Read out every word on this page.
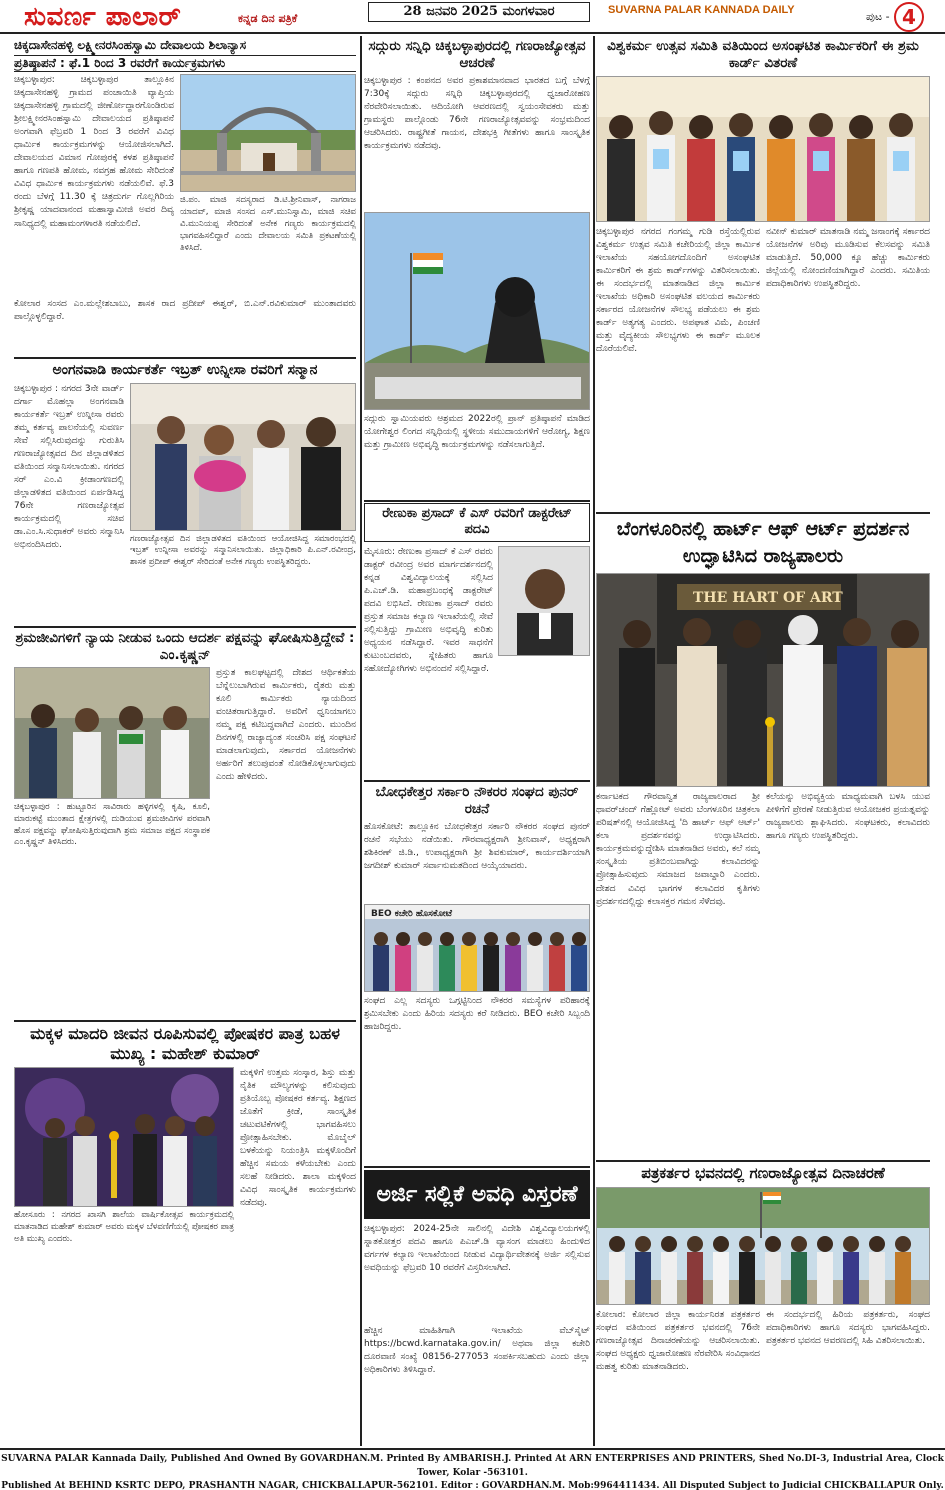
ಸುವರ್ಣ ಪಾಲಾರ್	ಕನ್ನಡ ದಿನ ಪತ್ರಿಕೆ	28 ಜನವರಿ 2025 ಮಂಗಳವಾರ	SUVARNA PALAR KANNADA DAILY	ಪುಟ - 4
ಚಿಕ್ಕದಾಸೇನಹಳ್ಳಿ ಲಕ್ಷ್ಮೀನರಸಿಂಹಸ್ವಾಮಿ ದೇವಾಲಯ ಶಿಲಾನ್ಯಾಸ
ಪ್ರತಿಷ್ಠಾಪನೆ : ಫೆ.1 ರಿಂದ 3 ರವರೆಗೆ ಕಾರ್ಯಕ್ರಮಗಳು
ಚಿಕ್ಕಬಳ್ಳಾಪುರ: ಚಿಕ್ಕಬಳ್ಳಾಪುರ ತಾಲ್ಲೂಕಿನ ಚಿಕ್ಕದಾಸೇನಹಳ್ಳಿ ಗ್ರಾಮದ ಪಂಚಾಯಿತಿ ವ್ಯಾಪ್ತಿಯ ಚಿಕ್ಕದಾಸೇನಹಳ್ಳಿ ಗ್ರಾಮದಲ್ಲಿ ಜೀರ್ಣೋದ್ಧಾರಗೊಂಡಿರುವ ಶ್ರೀಲಕ್ಷ್ಮೀನರಸಿಂಹಸ್ವಾಮಿ ದೇವಾಲಯದ ಪ್ರತಿಷ್ಠಾಪನೆ ಅಂಗವಾಗಿ ಫೆಬ್ರವರಿ 1 ರಿಂದ 3 ರವರೆಗೆ ವಿವಿಧ ಧಾರ್ಮಿಕ ಕಾರ್ಯಕ್ರಮಗಳನ್ನು ಆಯೋಜಿಸಲಾಗಿದೆ. ದೇವಾಲಯದ ವಿಮಾನ ಗೋಪುರಕ್ಕೆ ಕಳಶ ಪ್ರತಿಷ್ಠಾಪನೆ ಹಾಗೂ ಗಣಪತಿ ಹೋಮ, ನವಗ್ರಹ ಹೋಮ ಸೇರಿದಂತೆ ವಿವಿಧ ಧಾರ್ಮಿಕ ಕಾರ್ಯಕ್ರಮಗಳು ನಡೆಯಲಿವೆ. ಫೆ.3 ರಂದು ಬೆಳಗ್ಗೆ 11.30 ಕ್ಕೆ ಚಿತ್ರದುರ್ಗ ಗೊಲ್ಲಗಿರಿಯ ಶ್ರೀಕೃಷ್ಣ ಯಾದವಾನಂದ ಮಹಾಸ್ವಾಮೀಜಿ ಅವರ ದಿವ್ಯ ಸಾನಿಧ್ಯದಲ್ಲಿ ಮಹಾಮಂಗಳಾರತಿ ನಡೆಯಲಿದೆ.
ಜಿ.ಪಂ. ಮಾಜಿ ಸದಸ್ಯರಾದ ಡಿ.ಟಿ.ಶ್ರೀನಿವಾಸ್, ನಾಗರಾಜ ಯಾದವ್, ಮಾಜಿ ಸಂಸದ ಎಸ್.ಮುನಿಸ್ವಾಮಿ, ಮಾಜಿ ಸಚಿವ ವಿ.ಮುನಿಯಪ್ಪ ಸೇರಿದಂತೆ ಅನೇಕ ಗಣ್ಯರು ಕಾರ್ಯಕ್ರಮದಲ್ಲಿ ಭಾಗವಹಿಸಲಿದ್ದಾರೆ ಎಂದು ದೇವಾಲಯ ಸಮಿತಿ ಪ್ರಕಟಣೆಯಲ್ಲಿ ತಿಳಿಸಿದೆ.
ಕೋಲಾರ ಸಂಸದ ಎಂ.ಮಲ್ಲೇಶಬಾಬು, ಶಾಸಕ ರಾದ ಪ್ರದೀಪ್ ಈಶ್ವರ್, ಬಿ.ಎನ್.ರವಿಕುಮಾರ್ ಮುಂತಾದವರು ಪಾಲ್ಗೊಳ್ಳಲಿದ್ದಾರೆ.
ಅಂಗನವಾಡಿ ಕಾರ್ಯಕರ್ತೆ ಇಬ್ರತ್ ಉನ್ನೀಸಾ ರವರಿಗೆ ಸನ್ಮಾನ
ಚಿಕ್ಕಬಳ್ಳಾಪುರ : ನಗರದ 3ನೇ ವಾರ್ಡ್ ದರ್ಗಾ ಮೊಹಲ್ಲಾ ಅಂಗನವಾಡಿ ಕಾರ್ಯಕರ್ತೆ ಇಬ್ರತ್ ಉನ್ನೀಸಾ ರವರು ತಮ್ಮ ಕರ್ತವ್ಯ ಪಾಲನೆಯಲ್ಲಿ ಸುವರ್ಣ ಸೇವೆ ಸಲ್ಲಿಸಿರುವುದನ್ನು ಗುರುತಿಸಿ ಗಣರಾಜ್ಯೋತ್ಸವದ ದಿನ ಜಿಲ್ಲಾಡಳಿತದ ವತಿಯಿಂದ ಸನ್ಮಾನಿಸಲಾಯಿತು. ನಗರದ ಸರ್ ಎಂ.ವಿ ಕ್ರೀಡಾಂಗಣದಲ್ಲಿ ಜಿಲ್ಲಾಡಳಿತದ ವತಿಯಿಂದ ಏರ್ಪಡಿಸಿದ್ದ 76ನೇ ಗಣರಾಜ್ಯೋತ್ಸವ ಕಾರ್ಯಕ್ರಮದಲ್ಲಿ ಸಚಿವ ಡಾ.ಎಂ.ಸಿ.ಸುಧಾಕರ್ ಅವರು ಸನ್ಮಾನಿಸಿ ಅಭಿನಂದಿಸಿದರು.
ಗಣರಾಜ್ಯೋತ್ಸವ ದಿನ ಜಿಲ್ಲಾಡಳಿತದ ವತಿಯಿಂದ ಆಯೋಜಿಸಿದ್ದ ಸಮಾರಂಭದಲ್ಲಿ ಇಬ್ರತ್ ಉನ್ನೀಸಾ ಅವರನ್ನು ಸನ್ಮಾನಿಸಲಾಯಿತು. ಜಿಲ್ಲಾಧಿಕಾರಿ ಪಿ.ಎನ್.ರವೀಂದ್ರ, ಶಾಸಕ ಪ್ರದೀಪ್ ಈಶ್ವರ್ ಸೇರಿದಂತೆ ಅನೇಕ ಗಣ್ಯರು ಉಪಸ್ಥಿತರಿದ್ದರು.
ಶ್ರಮಜೀವಿಗಳಿಗೆ ನ್ಯಾಯ ನೀಡುವ ಒಂದು ಆದರ್ಶ ಪಕ್ಷವನ್ನು ಘೋಷಿಸುತ್ತಿದ್ದೇವೆ : ಎಂ.ಕೃಷ್ಣನ್
ಚಿಕ್ಕಬಳ್ಳಾಪುರ : ಹುಟ್ಟೂರಿನ ಸಾವಿರಾರು ಹಳ್ಳಿಗಳಲ್ಲಿ ಕೃಷಿ, ಕೂಲಿ, ಮಾರುಕಟ್ಟೆ ಮುಂತಾದ ಕ್ಷೇತ್ರಗಳಲ್ಲಿ ದುಡಿಯುವ ಶ್ರಮಜೀವಿಗಳ ಪರವಾಗಿ ಹೊಸ ಪಕ್ಷವನ್ನು ಘೋಷಿಸುತ್ತಿರುವುದಾಗಿ ಶ್ರಮ ಸಮಾಜ ಪಕ್ಷದ ಸಂಸ್ಥಾಪಕ ಎಂ.ಕೃಷ್ಣನ್ ತಿಳಿಸಿದರು.
ಪ್ರಸ್ತುತ ಕಾಲಘಟ್ಟದಲ್ಲಿ ದೇಶದ ಆರ್ಥಿಕತೆಯ ಬೆನ್ನೆಲುಬಾಗಿರುವ ಕಾರ್ಮಿಕರು, ರೈತರು ಮತ್ತು ಕೂಲಿ ಕಾರ್ಮಿಕರು ನ್ಯಾಯದಿಂದ ವಂಚಿತರಾಗುತ್ತಿದ್ದಾರೆ. ಅವರಿಗೆ ಧ್ವನಿಯಾಗಲು ನಮ್ಮ ಪಕ್ಷ ಕಟಿಬದ್ಧವಾಗಿದೆ ಎಂದರು. ಮುಂದಿನ ದಿನಗಳಲ್ಲಿ ರಾಜ್ಯಾದ್ಯಂತ ಸಂಚರಿಸಿ ಪಕ್ಷ ಸಂಘಟನೆ ಮಾಡಲಾಗುವುದು, ಸರ್ಕಾರದ ಯೋಜನೆಗಳು ಅರ್ಹರಿಗೆ ತಲುಪುವಂತೆ ನೋಡಿಕೊಳ್ಳಲಾಗುವುದು ಎಂದು ಹೇಳಿದರು.
ಮಕ್ಕಳ ಮಾದರಿ ಜೀವನ ರೂಪಿಸುವಲ್ಲಿ ಪೋಷಕರ ಪಾತ್ರ ಬಹಳ ಮುಖ್ಯ : ಮಹೇಶ್ ಕುಮಾರ್
ಹೋಸೂರು : ನಗರದ ಖಾಸಗಿ ಶಾಲೆಯ ವಾರ್ಷಿಕೋತ್ಸವ ಕಾರ್ಯಕ್ರಮದಲ್ಲಿ ಮಾತನಾಡಿದ ಮಹೇಶ್ ಕುಮಾರ್ ಅವರು ಮಕ್ಕಳ ಬೆಳವಣಿಗೆಯಲ್ಲಿ ಪೋಷಕರ ಪಾತ್ರ ಅತಿ ಮುಖ್ಯ ಎಂದರು.
ಮಕ್ಕಳಿಗೆ ಉತ್ತಮ ಸಂಸ್ಕಾರ, ಶಿಸ್ತು ಮತ್ತು ನೈತಿಕ ಮೌಲ್ಯಗಳನ್ನು ಕಲಿಸುವುದು ಪ್ರತಿಯೊಬ್ಬ ಪೋಷಕರ ಕರ್ತವ್ಯ. ಶಿಕ್ಷಣದ ಜೊತೆಗೆ ಕ್ರೀಡೆ, ಸಾಂಸ್ಕೃತಿಕ ಚಟುವಟಿಕೆಗಳಲ್ಲಿ ಭಾಗವಹಿಸಲು ಪ್ರೋತ್ಸಾಹಿಸಬೇಕು. ಮೊಬೈಲ್ ಬಳಕೆಯನ್ನು ನಿಯಂತ್ರಿಸಿ ಮಕ್ಕಳೊಂದಿಗೆ ಹೆಚ್ಚಿನ ಸಮಯ ಕಳೆಯಬೇಕು ಎಂದು ಸಲಹೆ ನೀಡಿದರು. ಶಾಲಾ ಮಕ್ಕಳಿಂದ ವಿವಿಧ ಸಾಂಸ್ಕೃತಿಕ ಕಾರ್ಯಕ್ರಮಗಳು ನಡೆದವು.
ಸದ್ಗುರು ಸನ್ನಿಧಿ ಚಿಕ್ಕಬಳ್ಳಾಪುರದಲ್ಲಿ ಗಣರಾಜ್ಯೋತ್ಸವ ಆಚರಣೆ
ಚಿಕ್ಕಬಳ್ಳಾಪುರ : ಕಂಪನದ ಅವರ ಪ್ರಕಾಶಮಾನವಾದ ಭಾರತದ ಬಗ್ಗೆ ಬೆಳಗ್ಗೆ 7:30ಕ್ಕೆ ಸದ್ಗುರು ಸನ್ನಿಧಿ ಚಿಕ್ಕಬಳ್ಳಾಪುರದಲ್ಲಿ ಧ್ವಜಾರೋಹಣ ನೆರವೇರಿಸಲಾಯಿತು. ಆದಿಯೋಗಿ ಆವರಣದಲ್ಲಿ ಸ್ವಯಂಸೇವಕರು ಮತ್ತು ಗ್ರಾಮಸ್ಥರು ಪಾಲ್ಗೊಂಡು 76ನೇ ಗಣರಾಜ್ಯೋತ್ಸವವನ್ನು ಸಂಭ್ರಮದಿಂದ ಆಚರಿಸಿದರು. ರಾಷ್ಟ್ರಗೀತೆ ಗಾಯನ, ದೇಶಭಕ್ತಿ ಗೀತೆಗಳು ಹಾಗೂ ಸಾಂಸ್ಕೃತಿಕ ಕಾರ್ಯಕ್ರಮಗಳು ನಡೆದವು.
ಸದ್ಗುರು ಸ್ವಾಮಿಯವರು ಆಶ್ರಮದ 2022ರಲ್ಲಿ ಪ್ರಾನ್ ಪ್ರತಿಷ್ಠಾಪನೆ ಮಾಡಿದ ಯೋಗೇಶ್ವರ ಲಿಂಗದ ಸನ್ನಿಧಿಯಲ್ಲಿ ಸ್ಥಳೀಯ ಸಮುದಾಯಗಳಿಗೆ ಆರೋಗ್ಯ, ಶಿಕ್ಷಣ ಮತ್ತು ಗ್ರಾಮೀಣ ಅಭಿವೃದ್ಧಿ ಕಾರ್ಯಕ್ರಮಗಳನ್ನು ನಡೆಸಲಾಗುತ್ತಿದೆ.
ರೇಣುಕಾ ಪ್ರಸಾದ್ ಕೆ ಎಸ್ ರವರಿಗೆ ಡಾಕ್ಟರೇಟ್ ಪದವಿ
ಮೈಸೂರು: ರೇಣುಕಾ ಪ್ರಸಾದ್ ಕೆ ಎಸ್ ರವರು ಡಾಕ್ಟರ್ ರವೀಂದ್ರ ಅವರ ಮಾರ್ಗದರ್ಶನದಲ್ಲಿ ಕನ್ನಡ ವಿಶ್ವವಿದ್ಯಾಲಯಕ್ಕೆ ಸಲ್ಲಿಸಿದ ಪಿ.ಎಚ್.ಡಿ. ಮಹಾಪ್ರಬಂಧಕ್ಕೆ ಡಾಕ್ಟರೇಟ್ ಪದವಿ ಲಭಿಸಿದೆ. ರೇಣುಕಾ ಪ್ರಸಾದ್ ರವರು ಪ್ರಸ್ತುತ ಸಮಾಜ ಕಲ್ಯಾಣ ಇಲಾಖೆಯಲ್ಲಿ ಸೇವೆ ಸಲ್ಲಿಸುತ್ತಿದ್ದು ಗ್ರಾಮೀಣ ಅಭಿವೃದ್ಧಿ ಕುರಿತು ಅಧ್ಯಯನ ನಡೆಸಿದ್ದಾರೆ. ಇವರ ಸಾಧನೆಗೆ ಕುಟುಂಬದವರು, ಸ್ನೇಹಿತರು ಹಾಗೂ ಸಹೋದ್ಯೋಗಿಗಳು ಅಭಿನಂದನೆ ಸಲ್ಲಿಸಿದ್ದಾರೆ.
ಬೋಧಕೇತ್ತರ ಸರ್ಕಾರಿ ನೌಕರರ ಸಂಘದ ಪುನರ್ ರಚನೆ
ಹೊಸಕೋಟೆ: ತಾಲ್ಲೂಕಿನ ಬೋಧಕೇತ್ತರ ಸರ್ಕಾರಿ ನೌಕರರ ಸಂಘದ ಪುನರ್ ರಚನೆ ಸಭೆಯು ನಡೆಯಿತು. ಗೌರವಾಧ್ಯಕ್ಷರಾಗಿ ಶ್ರೀನಿವಾಸ್, ಅಧ್ಯಕ್ಷರಾಗಿ ಶಶಿಕಿರಣ್ ಜಿ.ಡಿ., ಉಪಾಧ್ಯಕ್ಷರಾಗಿ ಶ್ರೀ ಶಿವಕುಮಾರ್, ಕಾರ್ಯದರ್ಶಿಯಾಗಿ ಜಗದೀಶ್ ಕುಮಾರ್ ಸರ್ವಾನುಮತದಿಂದ ಆಯ್ಕೆಯಾದರು.
BEO ಕಚೇರಿ ಹೊಸಕೋಟೆ
ಸಂಘದ ಎಲ್ಲ ಸದಸ್ಯರು ಒಗ್ಗಟ್ಟಿನಿಂದ ನೌಕರರ ಸಮಸ್ಯೆಗಳ ಪರಿಹಾರಕ್ಕೆ ಶ್ರಮಿಸಬೇಕು ಎಂದು ಹಿರಿಯ ಸದಸ್ಯರು ಕರೆ ನೀಡಿದರು. BEO ಕಚೇರಿ ಸಿಬ್ಬಂದಿ ಹಾಜರಿದ್ದರು.
ಅರ್ಜಿ ಸಲ್ಲಿಕೆ ಅವಧಿ ವಿಸ್ತರಣೆ
ಚಿಕ್ಕಬಳ್ಳಾಪುರ: 2024-25ನೇ ಸಾಲಿನಲ್ಲಿ ವಿದೇಶಿ ವಿಶ್ವವಿದ್ಯಾಲಯಗಳಲ್ಲಿ ಸ್ನಾತಕೋತ್ತರ ಪದವಿ ಹಾಗೂ ಪಿಎಚ್.ಡಿ ವ್ಯಾಸಂಗ ಮಾಡಲು ಹಿಂದುಳಿದ ವರ್ಗಗಳ ಕಲ್ಯಾಣ ಇಲಾಖೆಯಿಂದ ನೀಡುವ ವಿದ್ಯಾರ್ಥಿವೇತನಕ್ಕೆ ಅರ್ಜಿ ಸಲ್ಲಿಸುವ ಅವಧಿಯನ್ನು ಫೆಬ್ರವರಿ 10 ರವರೆಗೆ ವಿಸ್ತರಿಸಲಾಗಿದೆ.
ಹೆಚ್ಚಿನ ಮಾಹಿತಿಗಾಗಿ ಇಲಾಖೆಯ ವೆಬ್‌ಸೈಟ್ https://bcwd.karnataka.gov.in/ ಅಥವಾ ಜಿಲ್ಲಾ ಕಚೇರಿ ದೂರವಾಣಿ ಸಂಖ್ಯೆ 08156-277053 ಸಂಪರ್ಕಿಸಬಹುದು ಎಂದು ಜಿಲ್ಲಾ ಅಧಿಕಾರಿಗಳು ತಿಳಿಸಿದ್ದಾರೆ.
ವಿಶ್ವಕರ್ಮ ಉತ್ಸವ ಸಮಿತಿ ವತಿಯಿಂದ ಅಸಂಘಟಿತ ಕಾರ್ಮಿಕರಿಗೆ ಈ ಶ್ರಮ ಕಾರ್ಡ್ ವಿತರಣೆ
ಚಿಕ್ಕಬಳ್ಳಾಪುರ ನಗರದ ಗಂಗಮ್ಮ ಗುಡಿ ರಸ್ತೆಯಲ್ಲಿರುವ ವಿಶ್ವಕರ್ಮ ಉತ್ಸವ ಸಮಿತಿ ಕಚೇರಿಯಲ್ಲಿ ಜಿಲ್ಲಾ ಕಾರ್ಮಿಕ ಇಲಾಖೆಯ ಸಹಯೋಗದೊಂದಿಗೆ ಅಸಂಘಟಿತ ಕಾರ್ಮಿಕರಿಗೆ ಈ ಶ್ರಮ ಕಾರ್ಡ್‌ಗಳನ್ನು ವಿತರಿಸಲಾಯಿತು. ಈ ಸಂದರ್ಭದಲ್ಲಿ ಮಾತನಾಡಿದ ಜಿಲ್ಲಾ ಕಾರ್ಮಿಕ ಇಲಾಖೆಯ ಅಧಿಕಾರಿ ಅಸಂಘಟಿತ ವಲಯದ ಕಾರ್ಮಿಕರು ಸರ್ಕಾರದ ಯೋಜನೆಗಳ ಸೌಲಭ್ಯ ಪಡೆಯಲು ಈ ಶ್ರಮ ಕಾರ್ಡ್ ಅತ್ಯಗತ್ಯ ಎಂದರು. ಅಪಘಾತ ವಿಮೆ, ಪಿಂಚಣಿ ಮತ್ತು ವೈದ್ಯಕೀಯ ಸೌಲಭ್ಯಗಳು ಈ ಕಾರ್ಡ್ ಮೂಲಕ ದೊರೆಯಲಿವೆ.
ನವೀನ್ ಕುಮಾರ್ ಮಾತನಾಡಿ ನಮ್ಮ ಜನಾಂಗಕ್ಕೆ ಸರ್ಕಾರದ ಯೋಜನೆಗಳ ಅರಿವು ಮೂಡಿಸುವ ಕೆಲಸವನ್ನು ಸಮಿತಿ ಮಾಡುತ್ತಿದೆ. 50,000 ಕ್ಕೂ ಹೆಚ್ಚು ಕಾರ್ಮಿಕರು ಜಿಲ್ಲೆಯಲ್ಲಿ ನೋಂದಣಿಯಾಗಿದ್ದಾರೆ ಎಂದರು. ಸಮಿತಿಯ ಪದಾಧಿಕಾರಿಗಳು ಉಪಸ್ಥಿತರಿದ್ದರು.
ಬೆಂಗಳೂರಿನಲ್ಲಿ ಹಾರ್ಟ್ ಆಫ್ ಆರ್ಟ್ ಪ್ರದರ್ಶನ ಉದ್ಘಾಟಿಸಿದ ರಾಜ್ಯಪಾಲರು
THE HART OF ART
ಕರ್ನಾಟಕದ ಗೌರವಾನ್ವಿತ ರಾಜ್ಯಪಾಲರಾದ ಶ್ರೀ ಥಾವರ್‌ಚಂದ್ ಗೆಹ್ಲೋಟ್ ಅವರು ಬೆಂಗಳೂರಿನ ಚಿತ್ರಕಲಾ ಪರಿಷತ್‌ನಲ್ಲಿ ಆಯೋಜಿಸಿದ್ದ 'ದಿ ಹಾರ್ಟ್ ಆಫ್ ಆರ್ಟ್' ಕಲಾ ಪ್ರದರ್ಶನವನ್ನು ಉದ್ಘಾಟಿಸಿದರು. ಕಾರ್ಯಕ್ರಮವನ್ನುದ್ದೇಶಿಸಿ ಮಾತನಾಡಿದ ಅವರು, ಕಲೆ ನಮ್ಮ ಸಂಸ್ಕೃತಿಯ ಪ್ರತಿಬಿಂಬವಾಗಿದ್ದು ಕಲಾವಿದರನ್ನು ಪ್ರೋತ್ಸಾಹಿಸುವುದು ಸಮಾಜದ ಜವಾಬ್ದಾರಿ ಎಂದರು. ದೇಶದ ವಿವಿಧ ಭಾಗಗಳ ಕಲಾವಿದರ ಕೃತಿಗಳು ಪ್ರದರ್ಶನದಲ್ಲಿದ್ದು ಕಲಾಸಕ್ತರ ಗಮನ ಸೆಳೆದವು.
ಕಲೆಯನ್ನು ಅಭಿವ್ಯಕ್ತಿಯ ಮಾಧ್ಯಮವಾಗಿ ಬಳಸಿ ಯುವ ಪೀಳಿಗೆಗೆ ಪ್ರೇರಣೆ ನೀಡುತ್ತಿರುವ ಆಯೋಜಕರ ಪ್ರಯತ್ನವನ್ನು ರಾಜ್ಯಪಾಲರು ಶ್ಲಾಘಿಸಿದರು. ಸಂಘಟಕರು, ಕಲಾವಿದರು ಹಾಗೂ ಗಣ್ಯರು ಉಪಸ್ಥಿತರಿದ್ದರು.
ಪತ್ರಕರ್ತರ ಭವನದಲ್ಲಿ ಗಣರಾಜ್ಯೋತ್ಸವ ದಿನಾಚರಣೆ
ಕೋಲಾರ: ಕೋಲಾರ ಜಿಲ್ಲಾ ಕಾರ್ಯನಿರತ ಪತ್ರಕರ್ತರ ಸಂಘದ ವತಿಯಿಂದ ಪತ್ರಕರ್ತರ ಭವನದಲ್ಲಿ 76ನೇ ಗಣರಾಜ್ಯೋತ್ಸವ ದಿನಾಚರಣೆಯನ್ನು ಆಚರಿಸಲಾಯಿತು. ಸಂಘದ ಅಧ್ಯಕ್ಷರು ಧ್ವಜಾರೋಹಣ ನೆರವೇರಿಸಿ ಸಂವಿಧಾನದ ಮಹತ್ವ ಕುರಿತು ಮಾತನಾಡಿದರು.
ಈ ಸಂದರ್ಭದಲ್ಲಿ ಹಿರಿಯ ಪತ್ರಕರ್ತರು, ಸಂಘದ ಪದಾಧಿಕಾರಿಗಳು ಹಾಗೂ ಸದಸ್ಯರು ಭಾಗವಹಿಸಿದ್ದರು. ಪತ್ರಕರ್ತರ ಭವನದ ಆವರಣದಲ್ಲಿ ಸಿಹಿ ವಿತರಿಸಲಾಯಿತು.
SUVARNA PALAR Kannada Daily, Published And Owned By GOVARDHAN.M. Printed By AMBARISH.J. Printed At ARN ENTERPRISES AND PRINTERS, Shed No.DI-3, Industrial Area, Clock Tower, Kolar -563101.
Published At BEHIND KSRTC DEPO, PRASHANTH NAGAR, CHICKBALLAPUR-562101. Editor : GOVARDHAN.M. Mob:9964411434. All Disputed Subject to Judicial CHICKBALLAPUR Only.
